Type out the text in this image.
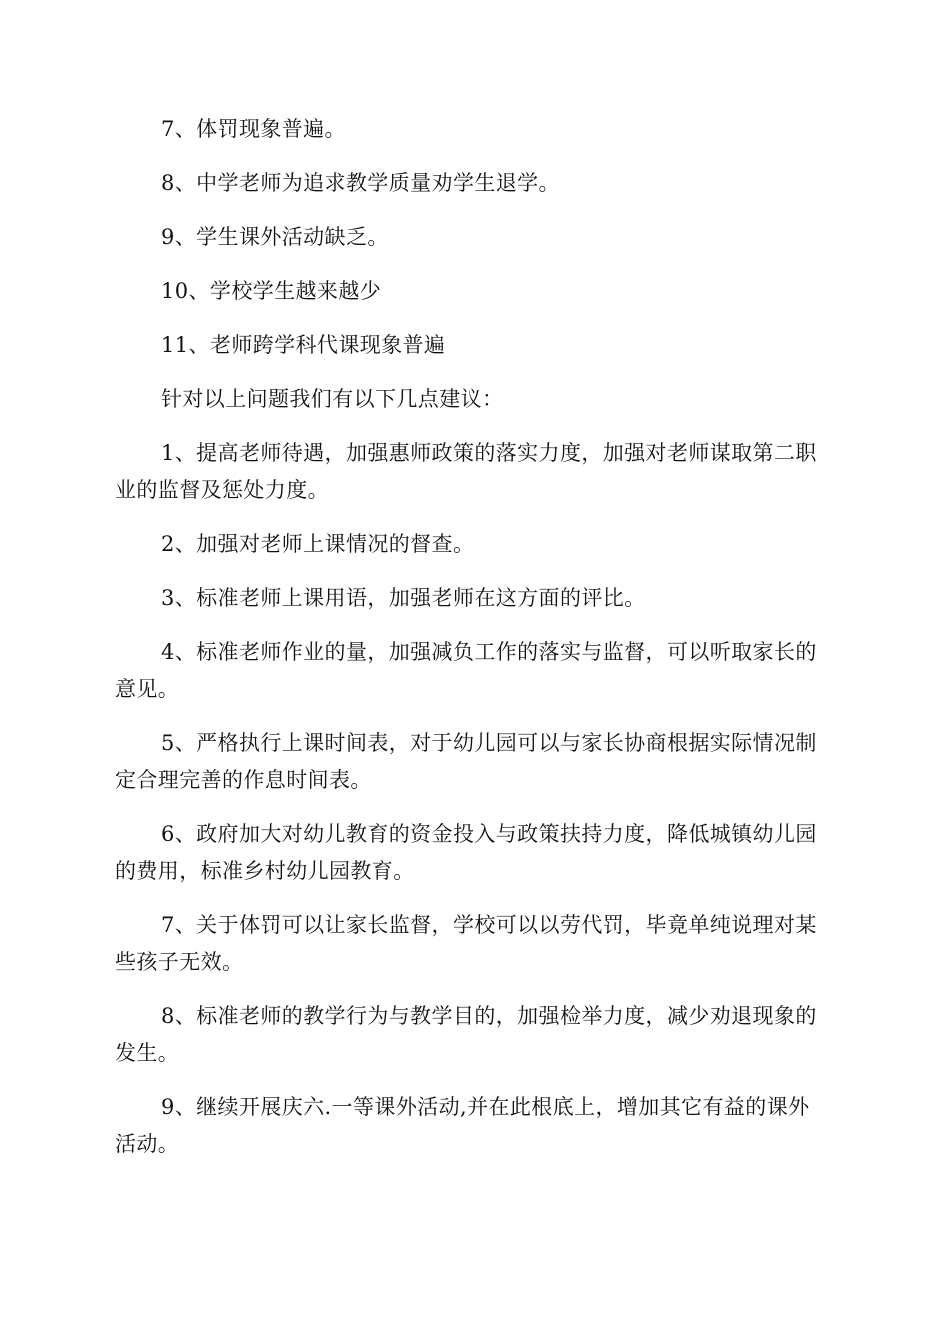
7、体罚现象普遍。

8、中学老师为追求教学质量劝学生退学。

9、学生课外活动缺乏。

10、学校学生越来越少

11、老师跨学科代课现象普遍

针对以上问题我们有以下几点建议：

1、提高老师待遇，加强惠师政策的落实力度，加强对老师谋取第二职业的监督及惩处力度。

2、加强对老师上课情况的督查。

3、标准老师上课用语，加强老师在这方面的评比。

4、标准老师作业的量，加强减负工作的落实与监督，可以听取家长的意见。

5、严格执行上课时间表，对于幼儿园可以与家长协商根据实际情况制定合理完善的作息时间表。

6、政府加大对幼儿教育的资金投入与政策扶持力度，降低城镇幼儿园的费用，标准乡村幼儿园教育。

7、关于体罚可以让家长监督，学校可以以劳代罚，毕竟单纯说理对某些孩子无效。

8、标准老师的教学行为与教学目的，加强检举力度，减少劝退现象的发生。

9、继续开展庆六.一等课外活动,并在此根底上，增加其它有益的课外活动。
